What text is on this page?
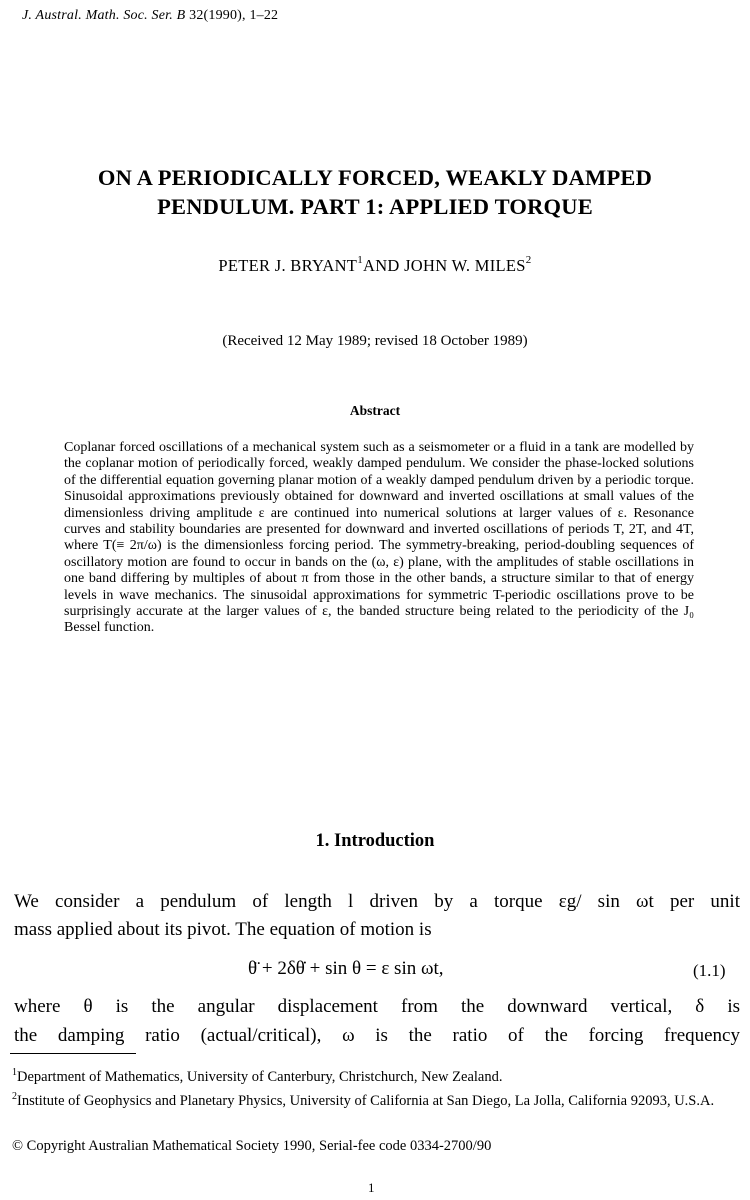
J. Austral. Math. Soc. Ser. B 32(1990), 1–22
ON A PERIODICALLY FORCED, WEAKLY DAMPED
PENDULUM. PART 1: APPLIED TORQUE
PETER J. BRYANT$^1$AND JOHN W. MILES$^2$
(Received 12 May 1989; revised 18 October 1989)
Abstract
Coplanar forced oscillations of a mechanical system such as a seismometer or a fluid in a tank are modelled by the coplanar motion of periodically forced, weakly damped pendulum. We consider the phase-locked solutions of the differential equation governing planar motion of a weakly damped pendulum driven by a periodic torque. Sinusoidal approximations previously obtained for downward and inverted oscillations at small values of the dimensionless driving amplitude ε are continued into numerical solutions at larger values of ε. Resonance curves and stability boundaries are presented for downward and inverted oscillations of periods T, 2T, and 4T, where T(≡ 2π/ω) is the dimensionless forcing period. The symmetry-breaking, period-doubling sequences of oscillatory motion are found to occur in bands on the (ω, ε) plane, with the amplitudes of stable oscillations in one band differing by multiples of about π from those in the other bands, a structure similar to that of energy levels in wave mechanics. The sinusoidal approximations for symmetric T-periodic oscillations prove to be surprisingly accurate at the larger values of ε, the banded structure being related to the periodicity of the J₀ Bessel function.
1. Introduction
We consider a pendulum of length l driven by a torque εg/ sin ωt per unit
mass applied about its pivot. The equation of motion is
θ̈ + 2δθ̇ + sin θ = ε sin ωt,	(1.1)
where θ is the angular displacement from the downward vertical, δ is
the damping ratio (actual/critical), ω is the ratio of the forcing frequency
$^1$Department of Mathematics, University of Canterbury, Christchurch, New Zealand.
$^2$Institute of Geophysics and Planetary Physics, University of California at San Diego, La Jolla, California 92093, U.S.A.
© Copyright Australian Mathematical Society 1990, Serial-fee code 0334-2700/90
1
